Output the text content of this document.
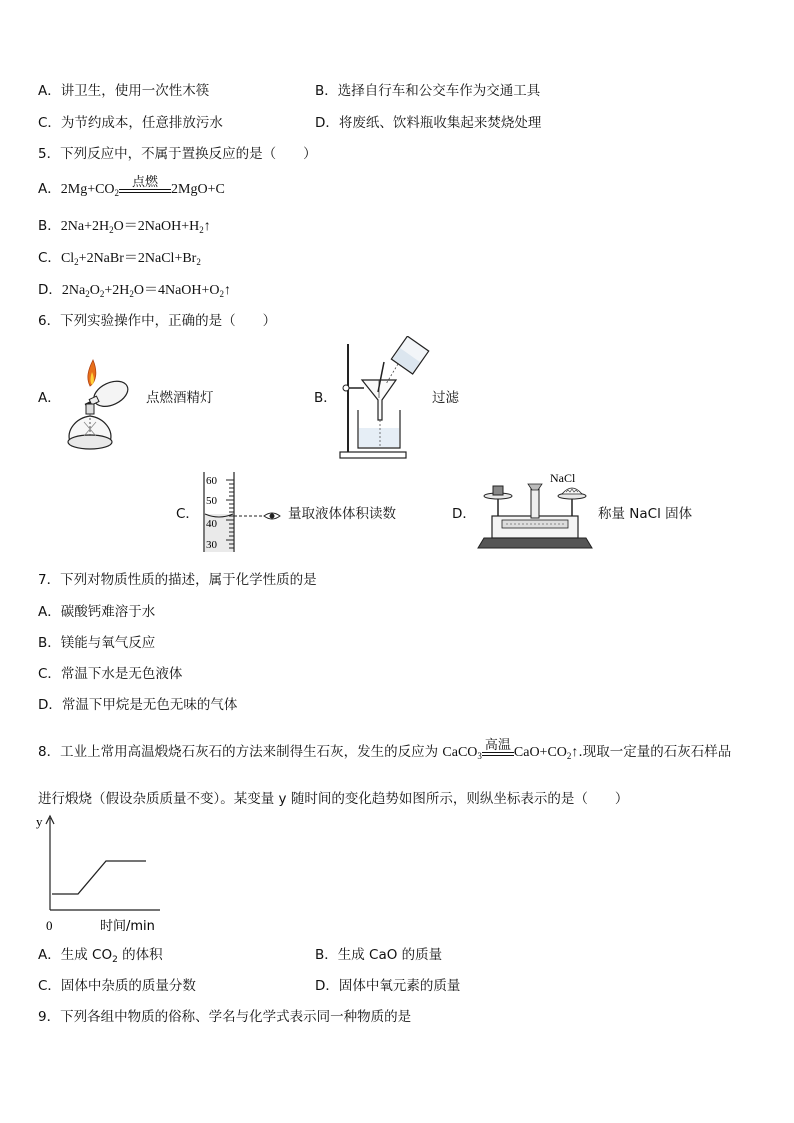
A．讲卫生，使用一次性木筷	B．选择自行车和公交车作为交通工具
C．为节约成本，任意排放污水	D．将废纸、饮料瓶收集起来焚烧处理
5．下列反应中，不属于置换反应的是（　　）
A．$2Mg+CO_2$
点燃 2MgO+C
B．$2Na+2H_2O=2NaOH+H_2↑$
C．$Cl_2+2NaBr=2NaCl+Br_2$
D．$2Na_2O_2+2H_2O=4NaOH+O_2↑$
6．下列实验操作中，正确的是（　　）
A．	点燃酒精灯	B．	过滤
C．
60
50
40
30
量取液体体积读数	D．
NaCl
称量 NaCl 固体
7．下列对物质性质的描述，属于化学性质的是
A．碳酸钙难溶于水
B．镁能与氧气反应
C．常温下水是无色液体
D．常温下甲烷是无色无味的气体
8．工业上常用高温煅烧石灰石的方法来制得生石灰，发生的反应为 CaCO$_3$
高温 $CaO+CO_2↑$.现取一定量的石灰石样品
进行煅烧（假设杂质质量不变）。某变量 y 随时间的变化趋势如图所示，则纵坐标表示的是（　　）
y
0	时间/min
A．生成 $CO_2$ 的体积	B．生成 CaO 的质量
C．固体中杂质的质量分数	D．固体中氧元素的质量
9．下列各组中物质的俗称、学名与化学式表示同一种物质的是
